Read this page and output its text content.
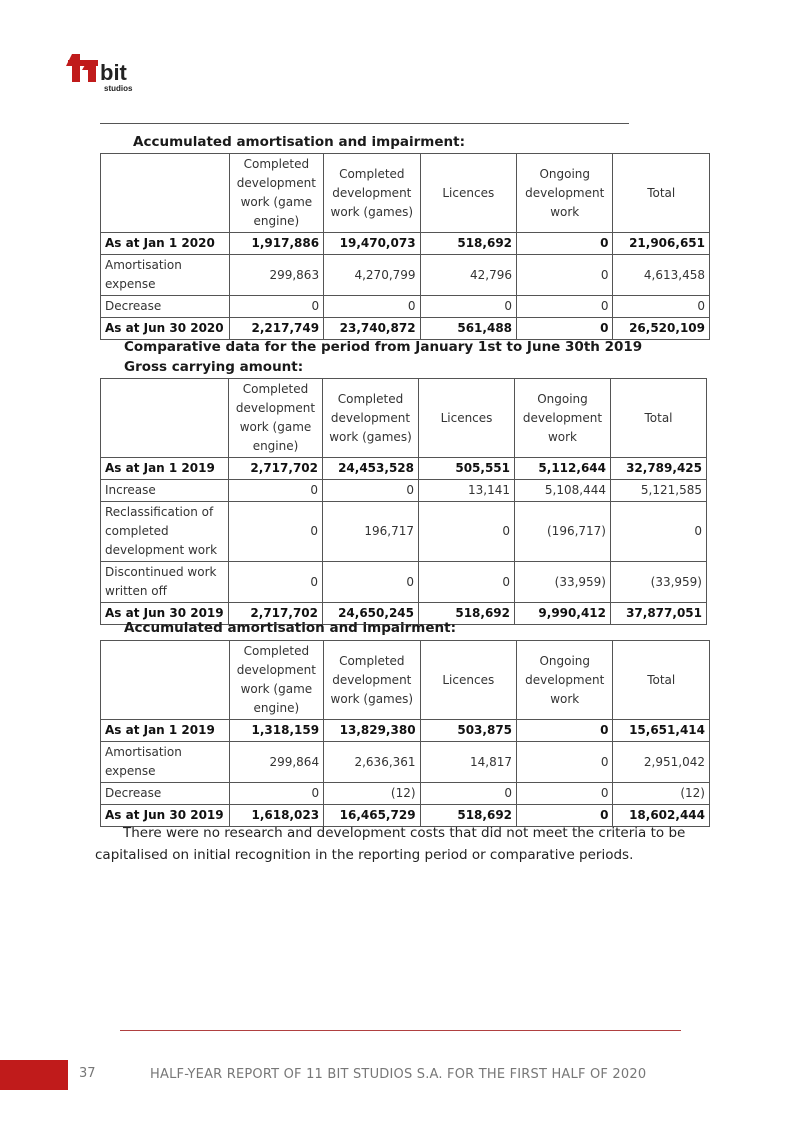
bit
studios
Accumulated amortisation and impairment:
	Completed development work (game engine)	Completed development work (games)	Licences	Ongoing development work	Total
As at Jan 1 2020	1,917,886	19,470,073	518,692	0	21,906,651
Amortisation expense	299,863	4,270,799	42,796	0	4,613,458
Decrease	0	0	0	0	0
As at Jun 30 2020	2,217,749	23,740,872	561,488	0	26,520,109
Comparative data for the period from January 1st to June 30th 2019
Gross carrying amount:
	Completed development work (game engine)	Completed development work (games)	Licences	Ongoing development work	Total
As at Jan 1 2019	2,717,702	24,453,528	505,551	5,112,644	32,789,425
Increase	0	0	13,141	5,108,444	5,121,585
Reclassification of completed development work	0	196,717	0	(196,717)	0
Discontinued work written off	0	0	0	(33,959)	(33,959)
As at Jun 30 2019	2,717,702	24,650,245	518,692	9,990,412	37,877,051
Accumulated amortisation and impairment:
	Completed development work (game engine)	Completed development work (games)	Licences	Ongoing development work	Total
As at Jan 1 2019	1,318,159	13,829,380	503,875	0	15,651,414
Amortisation expense	299,864	2,636,361	14,817	0	2,951,042
Decrease	0	(12)	0	0	(12)
As at Jun 30 2019	1,618,023	16,465,729	518,692	0	18,602,444
There were no research and development costs that did not meet the criteria to be capitalised on initial recognition in the reporting period or comparative periods.
37	HALF-YEAR REPORT OF 11 BIT STUDIOS S.A. FOR THE FIRST HALF OF 2020
